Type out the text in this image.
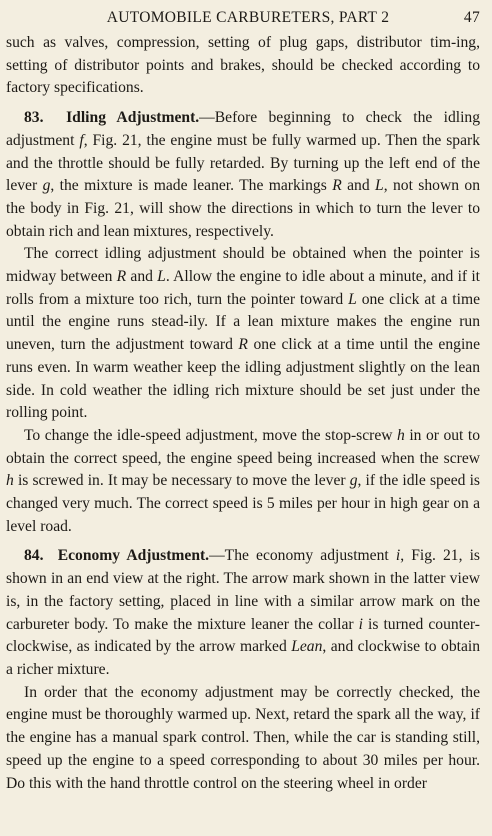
AUTOMOBILE CARBURETERS, PART 2	47

such as valves, compression, setting of plug gaps, distributor tim-ing, setting of distributor points and brakes, should be checked according to factory specifications.

83. Idling Adjustment.—Before beginning to check the idling adjustment f, Fig. 21, the engine must be fully warmed up. Then the spark and the throttle should be fully retarded. By turning up the left end of the lever g, the mixture is made leaner. The markings R and L, not shown on the body in Fig. 21, will show the directions in which to turn the lever to obtain rich and lean mixtures, respectively.

The correct idling adjustment should be obtained when the pointer is midway between R and L. Allow the engine to idle about a minute, and if it rolls from a mixture too rich, turn the pointer toward L one click at a time until the engine runs stead-ily. If a lean mixture makes the engine run uneven, turn the adjustment toward R one click at a time until the engine runs even. In warm weather keep the idling adjustment slightly on the lean side. In cold weather the idling rich mixture should be set just under the rolling point.

To change the idle-speed adjustment, move the stop-screw h in or out to obtain the correct speed, the engine speed being increased when the screw h is screwed in. It may be necessary to move the lever g, if the idle speed is changed very much. The correct speed is 5 miles per hour in high gear on a level road.

84. Economy Adjustment.—The economy adjustment i, Fig. 21, is shown in an end view at the right. The arrow mark shown in the latter view is, in the factory setting, placed in line with a similar arrow mark on the carbureter body. To make the mixture leaner the collar i is turned counter-clockwise, as indicated by the arrow marked Lean, and clockwise to obtain a richer mixture.

In order that the economy adjustment may be correctly checked, the engine must be thoroughly warmed up. Next, retard the spark all the way, if the engine has a manual spark control. Then, while the car is standing still, speed up the engine to a speed corresponding to about 30 miles per hour. Do this with the hand throttle control on the steering wheel in order
